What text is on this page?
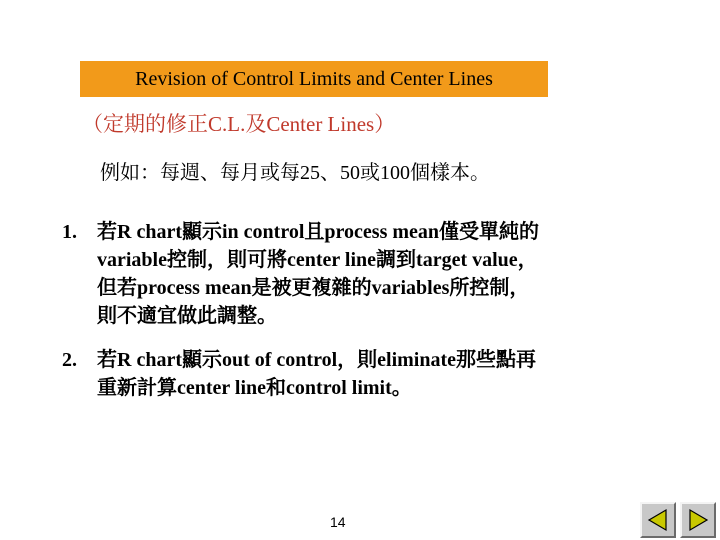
Revision of Control Limits and Center Lines
（定期的修正C.L.及Center Lines）
例如：每週、每月或每25、50或100個樣本。
1.	若R chart顯示in control且process mean僅受單純的
variable控制，則可將center line調到target value，
但若process mean是被更複雜的variables所控制，
則不適宜做此調整。
2.	若R chart顯示out of control，則eliminate那些點再
重新計算center line和control limit。
14
